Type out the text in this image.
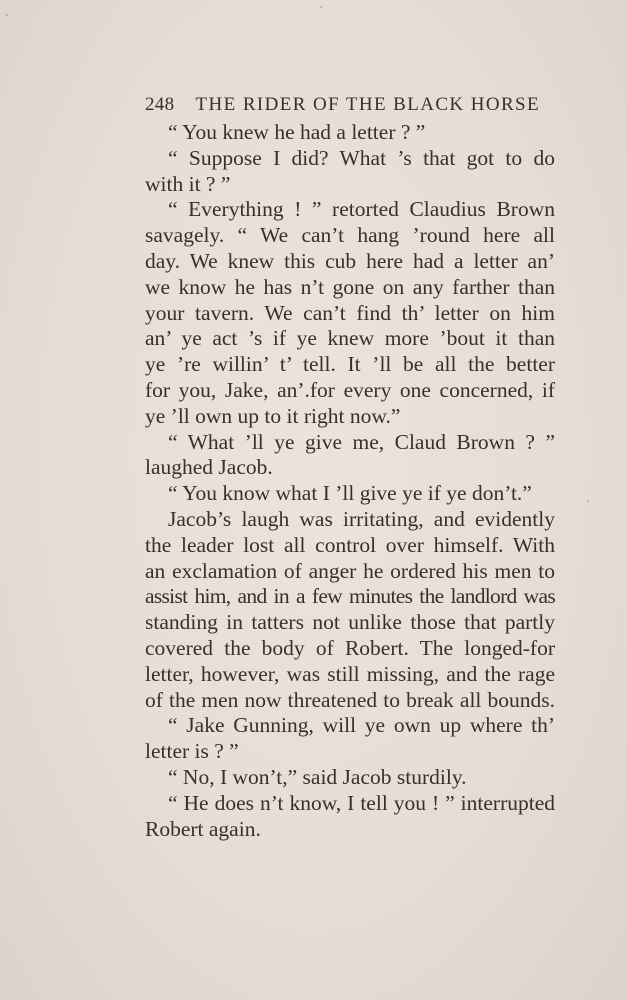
248 THE RIDER OF THE BLACK HORSE
“ You knew he had a letter ? ”
“ Suppose I did? What ’s that got to do
with it ? ”
“ Everything ! ” retorted Claudius Brown
savagely. “ We can’t hang ’round here all
day. We knew this cub here had a letter an’
we know he has n’t gone on any farther than
your tavern. We can’t find th’ letter on him
an’ ye act ’s if ye knew more ’bout it than
ye ’re willin’ t’ tell. It ’ll be all the better
for you, Jake, an’.for every one concerned, if
ye ’ll own up to it right now.”
“ What ’ll ye give me, Claud Brown ? ”
laughed Jacob.
“ You know what I ’ll give ye if ye don’t.”
Jacob’s laugh was irritating, and evidently
the leader lost all control over himself. With
an exclamation of anger he ordered his men to
assist him, and in a few minutes the landlord was
standing in tatters not unlike those that partly
covered the body of Robert. The longed-for
letter, however, was still missing, and the rage
of the men now threatened to break all bounds.
“ Jake Gunning, will ye own up where th’
letter is ? ”
“ No, I won’t,” said Jacob sturdily.
“ He does n’t know, I tell you ! ” interrupted
Robert again.
